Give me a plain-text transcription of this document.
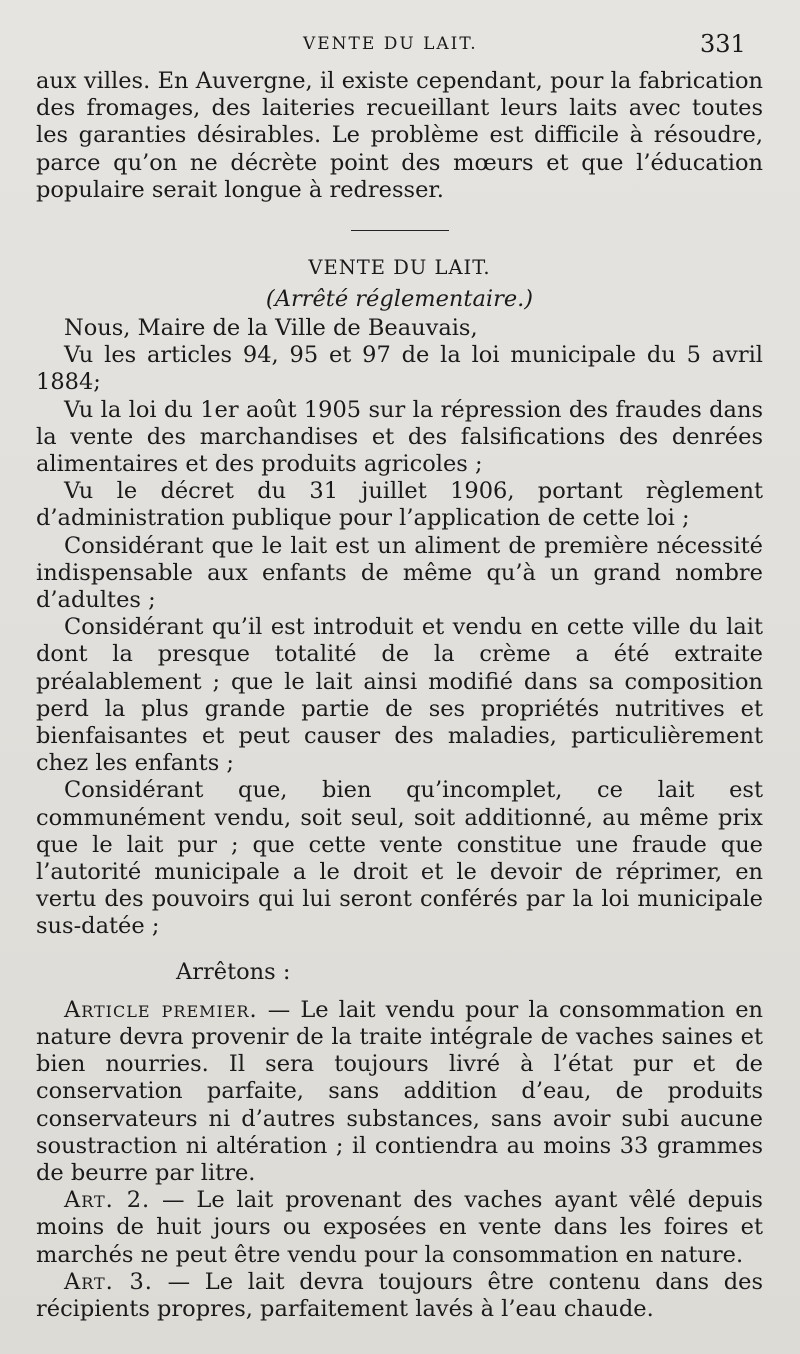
VENTE DU LAIT.	331

aux villes. En Auvergne, il existe cependant, pour la fabrication des fromages, des laiteries recueillant leurs laits avec toutes les garanties désirables. Le problème est difficile à résoudre, parce qu’on ne décrète point des mœurs et que l’éducation populaire serait longue à redresser.

VENTE DU LAIT.

(Arrêté réglementaire.)

Nous, Maire de la Ville de Beauvais,

Vu les articles 94, 95 et 97 de la loi municipale du 5 avril 1884;

Vu la loi du 1er août 1905 sur la répression des fraudes dans la vente des marchandises et des falsifications des denrées alimentaires et des produits agricoles ;

Vu le décret du 31 juillet 1906, portant règlement d’administration publique pour l’application de cette loi ;

Considérant que le lait est un aliment de première nécessité indispensable aux enfants de même qu’à un grand nombre d’adultes ;

Considérant qu’il est introduit et vendu en cette ville du lait dont la presque totalité de la crème a été extraite préalablement ; que le lait ainsi modifié dans sa composition perd la plus grande partie de ses propriétés nutritives et bienfaisantes et peut causer des maladies, particulièrement chez les enfants ;

Considérant que, bien qu’incomplet, ce lait est communément vendu, soit seul, soit additionné, au même prix que le lait pur ; que cette vente constitue une fraude que l’autorité municipale a le droit et le devoir de réprimer, en vertu des pouvoirs qui lui seront conférés par la loi municipale sus-datée ;

Arrêtons :

Article premier. — Le lait vendu pour la consommation en nature devra provenir de la traite intégrale de vaches saines et bien nourries. Il sera toujours livré à l’état pur et de conservation parfaite, sans addition d’eau, de produits conservateurs ni d’autres substances, sans avoir subi aucune soustraction ni altération ; il contiendra au moins 33 grammes de beurre par litre.

Art. 2. — Le lait provenant des vaches ayant vêlé depuis moins de huit jours ou exposées en vente dans les foires et marchés ne peut être vendu pour la consommation en nature.

Art. 3. — Le lait devra toujours être contenu dans des récipients propres, parfaitement lavés à l’eau chaude.
